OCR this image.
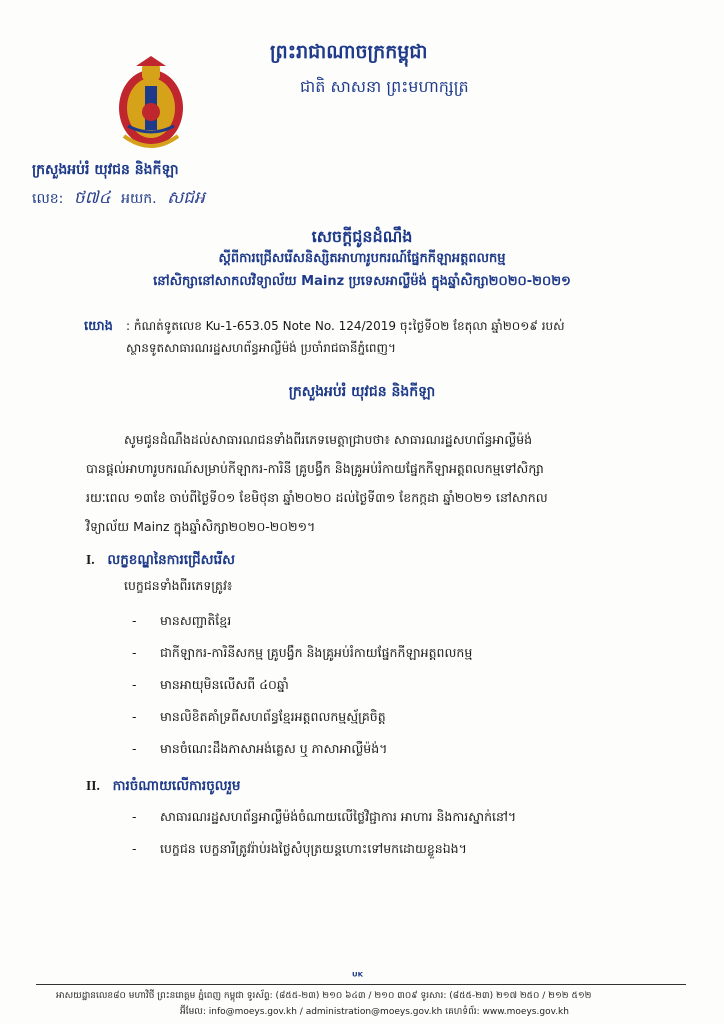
ព្រះរាជាណាចក្រកម្ពុជា
ជាតិ សាសនា ព្រះមហាក្សត្រ
ក្រសួងអប់រំ យុវជន និងកីឡា
លេខ: ថ៧៤ អយក. សជអ
សេចក្ដីជូនដំណឹង
ស្ដីពីការជ្រើសរើសនិស្សិតអាហារូបករណ៍ផ្នែកកីឡាអត្តពលកម្ម
នៅសិក្សានៅសាកលវិទ្យាល័យ Mainz ប្រទេសអាល្លឺម៉ង់ ក្នុងឆ្នាំសិក្សា២០២០-២០២១
យោង : កំណត់ទូតលេខ Ku-1-653.05 Note No. 124/2019 ចុះថ្ងៃទី០២ ខែតុលា ឆ្នាំ២០១៩ របស់
ស្ថានទូតសាធារណរដ្ឋសហព័ន្ធអាល្លឺម៉ង់ ប្រចាំរាជធានីភ្នំពេញ។
ក្រសួងអប់រំ យុវជន និងកីឡា
សូមជូនដំណឹងដល់សាធារណជនទាំងពីរភេទមេត្តាជ្រាបថា៖ សាធារណរដ្ឋសហព័ន្ធអាល្លឺម៉ង់
បានផ្ដល់អាហារូបករណ៍សម្រាប់កីឡាករ-ការិនី គ្រូបង្វឹក និងគ្រូអប់រំកាយផ្នែកកីឡាអត្តពលកម្មទៅសិក្សា
រយៈពេល ១៣ខែ ចាប់ពីថ្ងៃទី០១ ខែមិថុនា ឆ្នាំ២០២០ ដល់ថ្ងៃទី៣១ ខែកក្កដា ឆ្នាំ២០២១ នៅសាកល
វិទ្យាល័យ Mainz ក្នុងឆ្នាំសិក្សា២០២០-២០២១។
I. លក្ខខណ្ឌនៃការជ្រើសរើស
បេក្ខជនទាំងពីរភេទត្រូវ៖
- មានសញ្ជាតិខ្មែរ
- ជាកីឡាករ-ការិនីសកម្ម គ្រូបង្វឹក និងគ្រូអប់រំកាយផ្នែកកីឡាអត្តពលកម្ម
- មានអាយុមិនលើសពី ៤០ឆ្នាំ
- មានលិខិតគាំទ្រពីសហព័ន្ធខ្មែរអត្តពលកម្មស្ម័គ្រចិត្ត
- មានចំណេះដឹងភាសាអង់គ្លេស ឬ ភាសាអាល្លឺម៉ង់។
II. ការចំណាយលើការចូលរួម
- សាធារណរដ្ឋសហព័ន្ធអាល្លឺម៉ង់ចំណាយលើថ្លៃវិជ្ជាការ អាហារ និងការស្នាក់នៅ។
- បេក្ខជន បេក្ខនារីត្រូវរ៉ាប់រងថ្លៃសំបុត្រយន្តហោះទៅមកដោយខ្លួនឯង។
ᵁᴷ
អាសយដ្ឋានលេខ៨០ មហាវិថី ព្រះនរោត្តម ភ្នំពេញ កម្ពុជា ទូរស័ព្ទ: (៨៥៥-២៣) ២១០ ៦៤៣ / ២១០ ៣០៩ ទូរសារ: (៨៥៥-២៣) ២១៧ ២៥០ / ២១២ ៥១២
អ៊ីមែល: info@moeys.gov.kh / administration@moeys.gov.kh គេហទំព័រ: www.moeys.gov.kh
